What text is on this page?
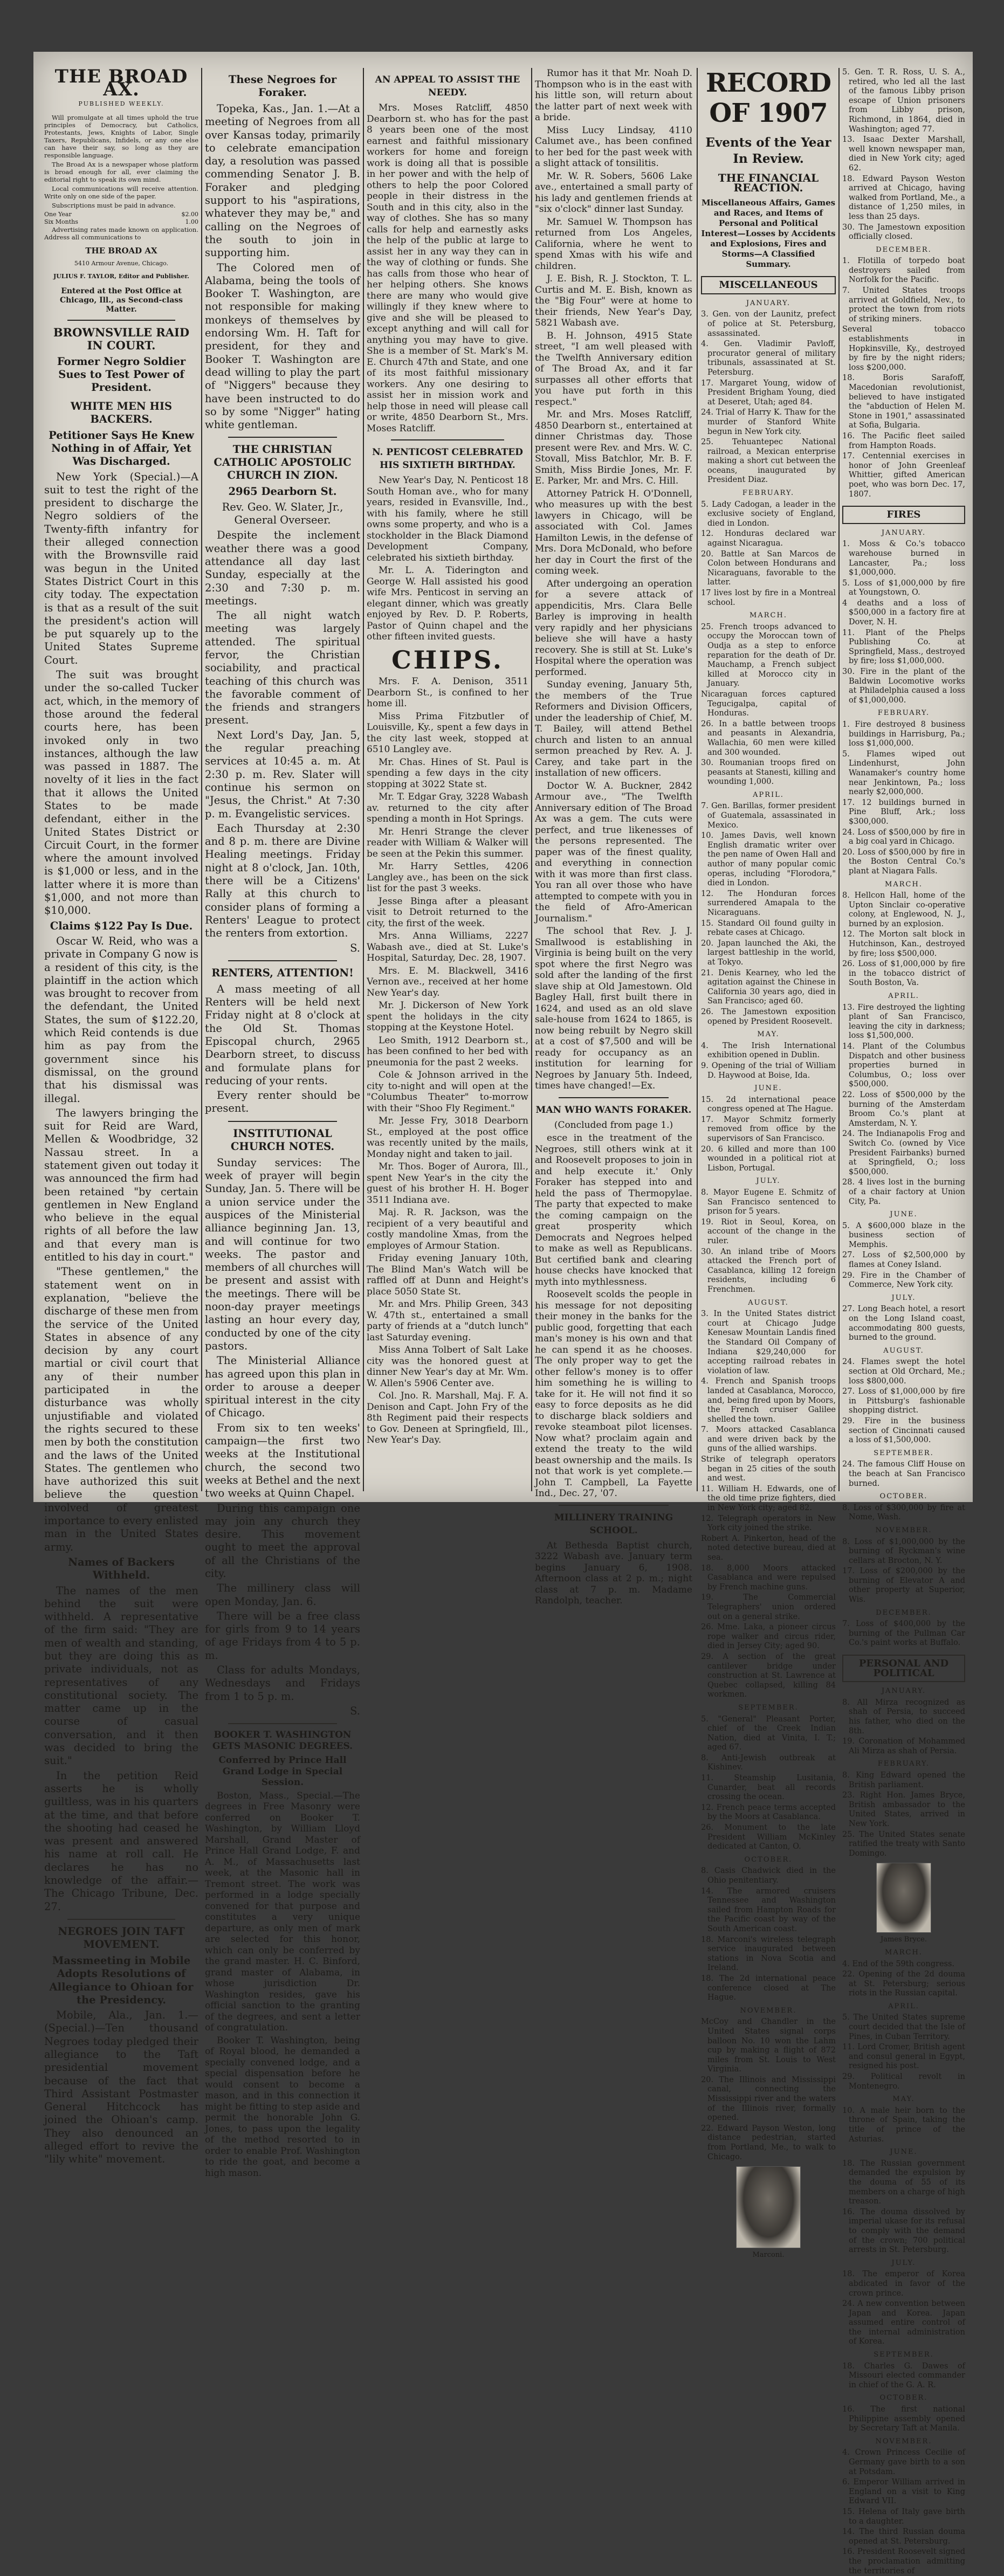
THE BROAD AX.
PUBLISHED WEEKLY.

Will promulgate at all times uphold the true principles of Democracy, but Catholics, Protestants, Jews, Knights of Labor, Single Taxers, Republicans, Infidels, or any one else can have their say, so long as they are responsible language.

The Broad Ax is a newspaper whose platform is broad enough for all, ever claiming the editorial right to speak its own mind.

Local communications will receive attention. Write only on one side of the paper.

Subscriptions must be paid in advance.

One Year	$2.00
Six Months	1.00

Advertising rates made known on application. Address all communications to

THE BROAD AX
5410 Armour Avenue, Chicago.
JULIUS F. TAYLOR, Editor and Publisher.
Entered at the Post Office at Chicago, Ill., as Second-class Matter.
BROWNSVILLE RAID IN COURT.
Former Negro Soldier Sues to Test Power of President.
WHITE MEN HIS BACKERS.
Petitioner Says He Knew Nothing in of Affair, Yet Was Discharged.

New York (Special.)—A suit to test the right of the president to discharge the Negro soldiers of the Twenty-fifth infantry for their alleged connection with the Brownsville raid was begun in the United States District Court in this city today. The expectation is that as a result of the suit the president's action will be put squarely up to the United States Supreme Court.

The suit was brought under the so-called Tucker act, which, in the memory of those around the federal courts here, has been invoked only in two instances, although the law was passed in 1887. The novelty of it lies in the fact that it allows the United States to be made defendant, either in the United States District or Circuit Court, in the former where the amount involved is $1,000 or less, and in the latter where it is more than $1,000, and not more than $10,000.

Claims $122 Pay Is Due.

Oscar W. Reid, who was a private in Company G now is a resident of this city, is the plaintiff in the action which was brought to recover from the defendant, the United States, the sum of $122.20, which Reid contends is due him as pay from the government since his dismissal, on the ground that his dismissal was illegal.

The lawyers bringing the suit for Reid are Ward, Mellen & Woodbridge, 32 Nassau street. In a statement given out today it was announced the firm had been retained "by certain gentlemen in New England who believe in the equal rights of all before the law and that every man is entitled to his day in court."

"These gentlemen," the statement went on in explanation, "believe the discharge of these men from the service of the United States in absence of any decision by any court martial or civil court that any of their number participated in the disturbance was wholly unjustifiable and violated the rights secured to these men by both the constitution and the laws of the United States. The gentlemen who have authorized this suit believe the question involved of greatest importance to every enlisted man in the United States army.

Names of Backers Withheld.

The names of the men behind the suit were withheld. A representative of the firm said: "They are men of wealth and standing, but they are doing this as private individuals, not as representatives of any constitutional society. The matter came up in the course of casual conversation, and it then was decided to bring the suit."

In the petition Reid asserts he is wholly guiltless, was in his quarters at the time, and that before the shooting had ceased he was present and answered his name at roll call. He declares he has no knowledge of the affair.—The Chicago Tribune, Dec. 27.

NEGROES JOIN TAFT MOVEMENT.
Massmeeting in Mobile Adopts Resolutions of Allegiance to Ohioan for the Presidency.

Mobile, Ala., Jan. 1.—(Special.)—Ten thousand Negroes today pledged their allegiance to the Taft presidential movement because of the fact that Third Assistant Postmaster General Hitchcock has joined the Ohioan's camp. They also denounced an alleged effort to revive the "lily white" movement.

These Negroes for Foraker.

Topeka, Kas., Jan. 1.—At a meeting of Negroes from all over Kansas today, primarily to celebrate emancipation day, a resolution was passed commending Senator J. B. Foraker and pledging support to his "aspirations, whatever they may be," and calling on the Negroes of the south to join in supporting him.

The Colored men of Alabama, being the tools of Booker T. Washington, are not responsible for making monkeys of themselves by endorsing Wm. H. Taft for president, for they and Booker T. Washington are dead willing to play the part of "Niggers" because they have been instructed to do so by some "Nigger" hating white gentleman.

THE CHRISTIAN CATHOLIC APOSTOLIC CHURCH IN ZION.
2965 Dearborn St.
Rev. Geo. W. Slater, Jr., General Overseer.

Despite the inclement weather there was a good attendance all day last Sunday, especially at the 2:30 and 7:30 p. m. meetings.

The all night watch meeting was largely attended. The spiritual fervor, the Christian sociability, and practical teaching of this church was the favorable comment of the friends and strangers present.

Next Lord's Day, Jan. 5, the regular preaching services at 10:45 a. m. At 2:30 p. m. Rev. Slater will continue his sermon on "Jesus, the Christ." At 7:30 p. m. Evangelistic services.

Each Thursday at 2:30 and 8 p. m. there are Divine Healing meetings. Friday night at 8 o'clock, Jan. 10th, there will be a Citizens' Rally at this church to consider plans of forming a Renters' League to protect the renters from extortion.

S.

RENTERS, ATTENTION!

A mass meeting of all Renters will be held next Friday night at 8 o'clock at the Old St. Thomas Episcopal church, 2965 Dearborn street, to discuss and formulate plans for reducing of your rents.

Every renter should be present.

INSTITUTIONAL CHURCH NOTES.

Sunday services: The week of prayer will begin Sunday, Jan. 5. There will be a union service under the auspices of the Ministerial alliance beginning Jan. 13, and will continue for two weeks. The pastor and members of all churches will be present and assist with the meetings. There will be noon-day prayer meetings lasting an hour every day, conducted by one of the city pastors.

The Ministerial Alliance has agreed upon this plan in order to arouse a deeper spiritual interest in the city of Chicago.

From six to ten weeks' campaign—the first two weeks at the Institutional church, the second two weeks at Bethel and the next two weeks at Quinn Chapel.

During this campaign one may join any church they desire. This movement ought to meet the approval of all the Christians of the city.

The millinery class will open Monday, Jan. 6.

There will be a free class for girls from 9 to 14 years of age Fridays from 4 to 5 p. m.

Class for adults Mondays, Wednesdays and Fridays from 1 to 5 p. m.

S.

BOOKER T. WASHINGTON GETS MASONIC DEGREES.
Conferred by Prince Hall Grand Lodge in Special Session.

Boston, Mass., Special.—The degrees in Free Masonry were conferred on Booker T. Washington, by William Lloyd Marshall, Grand Master of Prince Hall Grand Lodge, F. and A. M., of Massachusetts last week, at the Masonic hall in Tremont street. The work was performed in a lodge specially convened for that purpose and constitutes a very unique departure, as only men of mark are selected for this honor, which can only be conferred by the grand master. H. C. Binford, grand master of Alabama, in whose jurisdiction Dr. Washington resides, gave his official sanction to the granting of the degrees, and sent a letter of congratulation.

Booker T. Washington, being of Royal blood, he demanded a specially convened lodge, and a special dispensation before he would consent to become a mason, and in this connection it might be fitting to step aside and permit the honorable John G. Jones, to pass upon the legality of the method resorted to in order to enable Prof. Washington to ride the goat, and become a high mason.

AN APPEAL TO ASSIST THE NEEDY.

Mrs. Moses Ratcliff, 4850 Dearborn st. who has for the past 8 years been one of the most earnest and faithful missionary workers for home and foreign work is doing all that is possible in her power and with the help of others to help the poor Colored people in their distress in the South and in this city, also in the way of clothes. She has so many calls for help and earnestly asks the help of the public at large to assist her in any way they can in the way of clothing or funds. She has calls from those who hear of her helping others. She knows there are many who would give willingly if they knew where to give and she will be pleased to except anything and will call for anything you may have to give. She is a member of St. Mark's M. E. Church 47th and State, and one of its most faithful missionary workers. Any one desiring to assist her in mission work and help those in need will please call or write, 4850 Dearborn St., Mrs. Moses Ratcliff.

N. PENTICOST CELEBRATED HIS SIXTIETH BIRTHDAY.

New Year's Day, N. Penticost 18 South Homan ave., who for many years, resided in Evansville, Ind., with his family, where he still owns some property, and who is a stockholder in the Black Diamond Development Company, celebrated his sixtieth birthday.

Mr. L. A. Tiderington and George W. Hall assisted his good wife Mrs. Penticost in serving an elegant dinner, which was greatly enjoyed by Rev. D. P. Roberts, Pastor of Quinn chapel and the other fifteen invited guests.

CHIPS.

Mrs. F. A. Denison, 3511 Dearborn St., is confined to her home ill.

Miss Prima Fitzbutler of Louisville, Ky., spent a few days in the city last week, stopped at 6510 Langley ave.

Mr. Chas. Hines of St. Paul is spending a few days in the city stopping at 3022 State st.

Mr. T. Edgar Gray, 3228 Wabash av. returned to the city after spending a month in Hot Springs.

Mr. Henri Strange the clever reader with William & Walker will be seen at the Pekin this summer.

Mr. Harry Settles, 4206 Langley ave., has been on the sick list for the past 3 weeks.

Jesse Binga after a pleasant visit to Detroit returned to the city, the first of the week.

Mrs. Anna Williams, 2227 Wabash ave., died at St. Luke's Hospital, Saturday, Dec. 28, 1907.

Mrs. E. M. Blackwell, 3416 Vernon ave., received at her home New Year's day.

Mr. J. Dickerson of New York spent the holidays in the city stopping at the Keystone Hotel.

Leo Smith, 1912 Dearborn st., has been confined to her bed with pneumonia for the past 2 weeks.

Cole & Johnson arrived in the city to-night and will open at the "Columbus Theater" to-morrow with their "Shoo Fly Regiment."

Mr. Jesse Fry, 3018 Dearborn St., employed at the post office was recently united by the mails, Monday night and taken to jail.

Mr. Thos. Boger of Aurora, Ill., spent New Year's in the city the guest of his brother H. H. Boger 3511 Indiana ave.

Maj. R. R. Jackson, was the recipient of a very beautiful and costly mandoline Xmas, from the employes of Armour Station.

Friday evening January 10th, The Blind Man's Watch will be raffled off at Dunn and Height's place 5050 State St.

Mr. and Mrs. Philip Green, 343 W. 47th st., entertained a small party of friends at a "dutch lunch" last Saturday evening.

Miss Anna Tolbert of Salt Lake city was the honored guest at dinner New Year's day at Mr. Wm. W. Allen's 5906 Center ave.

Col. Jno. R. Marshall, Maj. F. A. Denison and Capt. John Fry of the 8th Regiment paid their respects to Gov. Deneen at Springfield, Ill., New Year's Day.

Rumor has it that Mr. Noah D. Thompson who is in the east with his little son, will return about the latter part of next week with a bride.

Miss Lucy Lindsay, 4110 Calumet ave., has been confined to her bed for the past week with a slight attack of tonsilitis.

Mr. W. R. Sobers, 5606 Lake ave., entertained a small party of his lady and gentlemen friends at "six o'clock" dinner last Sunday.

Mr. Samuel W. Thompson has returned from Los Angeles, California, where he went to spend Xmas with his wife and children.

J. E. Bish, R. J. Stockton, T. L. Curtis and M. E. Bish, known as the "Big Four" were at home to their friends, New Year's Day, 5821 Wabash ave.

B. H. Johnson, 4915 State street, "I am well pleased with the Twelfth Anniversary edition of The Broad Ax, and it far surpasses all other efforts that you have put forth in this respect."

Mr. and Mrs. Moses Ratcliff, 4850 Dearborn st., entertained at dinner Christmas day. Those present were Rev. and Mrs. W. C. Stovall, Miss Batchlor, Mr. B. F. Smith, Miss Birdie Jones, Mr. F. E. Parker, Mr. and Mrs. C. Hill.

Attorney Patrick H. O'Donnell, who measures up with the best lawyers in Chicago, will be associated with Col. James Hamilton Lewis, in the defense of Mrs. Dora McDonald, who before her day in Court the first of the coming week.

After undergoing an operation for a severe attack of appendicitis, Mrs. Clara Belle Barley is improving in health very rapidly and her physicians believe she will have a hasty recovery. She is still at St. Luke's Hospital where the operation was performed.

Sunday evening, January 5th, the members of the True Reformers and Division Officers, under the leadership of Chief, M. T. Bailey, will attend Bethel church and listen to an annual sermon preached by Rev. A. J. Carey, and take part in the installation of new officers.

Doctor W. A. Buckner, 2842 Armour ave., "The Twelfth Anniversary edition of The Broad Ax was a gem. The cuts were perfect, and true likenesses of the persons represented. The paper was of the finest quality, and everything in connection with it was more than first class. You ran all over those who have attempted to compete with you in the field of Afro-American Journalism."

The school that Rev. J. J. Smallwood is establishing in Virginia is being built on the very spot where the first Negro was sold after the landing of the first slave ship at Old Jamestown. Old Bagley Hall, first built there in 1624, and used as an old slave sale-house from 1624 to 1865, is now being rebuilt by Negro skill at a cost of $7,500 and will be ready for occupancy as an institution for learning for Negroes by January 5th. Indeed, times have changed!—Ex.

MAN WHO WANTS FORAKER.
(Concluded from page 1.)

esce in the treatment of the Negroes, still others wink at it and Roosevelt proposes to join in and help execute it.' Only Foraker has stepped into and held the pass of Thermopylae. The party that expected to make the coming campaign on the great prosperity which Democrats and Negroes helped to make as well as Republicans. But certified bank and clearing house checks have knocked that myth into mythlessness.

Roosevelt scolds the people in his message for not depositing their money in the banks for the public good, forgetting that each man's money is his own and that he can spend it as he chooses. The only proper way to get the other fellow's money is to offer him something he is willing to take for it. He will not find it so easy to force deposits as he did to discharge black soldiers and revoke steamboat pilot licenses. Now what? proclaim again and extend the treaty to the wild beast ownership and the mails. Is not that work is yet complete.—John T. Campbell, La Fayette Ind., Dec. 27, '07.

MILLINERY TRAINING SCHOOL.

At Bethesda Baptist church, 3222 Wabash ave. January term begins January 6, 1908. Afternoon class at 2 p. m.; night class at 7 p. m. Madame Randolph, teacher.

RECORD OF 1907
Events of the Year In Review.
THE FINANCIAL REACTION.
Miscellaneous Affairs, Games and Races, and Items of Personal and Political Interest—Losses by Accidents and Explosions, Fires and Storms—A Classified Summary.
MISCELLANEOUS
JANUARY.

3. Gen. von der Launitz, prefect of police at St. Petersburg, assassinated.

4. Gen. Vladimir Pavloff, procurator general of military tribunals, assassinated at St. Petersburg.

17. Margaret Young, widow of President Brigham Young, died at Deseret, Utah; aged 84.

24. Trial of Harry K. Thaw for the murder of Stanford White begun in New York city.

25. Tehuantepec National railroad, a Mexican enterprise making a short cut between the oceans, inaugurated by President Diaz.

FEBRUARY.

5. Lady Cadogan, a leader in the exclusive society of England, died in London.

12. Honduras declared war against Nicaragua.

20. Battle at San Marcos de Colon between Hondurans and Nicaraguans, favorable to the latter.

17 lives lost by fire in a Montreal school.

MARCH.

25. French troops advanced to occupy the Moroccan town of Oudja as a step to enforce reparation for the death of Dr. Mauchamp, a French subject killed at Morocco city in January.

Nicaraguan forces captured Tegucigalpa, capital of Honduras.

26. In a battle between troops and peasants in Alexandria, Wallachia, 60 men were killed and 300 wounded.

30. Roumanian troops fired on peasants at Stanesti, killing and wounding 1,000.

APRIL.

7. Gen. Barillas, former president of Guatemala, assassinated in Mexico.

10. James Davis, well known English dramatic writer over the pen name of Owen Hall and author of many popular comic operas, including "Florodora," died in London.

12. The Honduran forces surrendered Amapala to the Nicaraguans.

15. Standard Oil found guilty in rebate cases at Chicago.

20. Japan launched the Aki, the largest battleship in the world, at Tokyo.

21. Denis Kearney, who led the agitation against the Chinese in California 30 years ago, died in San Francisco; aged 60.

26. The Jamestown exposition opened by President Roosevelt.

MAY.

4. The Irish International exhibition opened in Dublin.

9. Opening of the trial of William D. Haywood at Boise, Ida.

JUNE.

15. 2d international peace congress opened at The Hague.

17. Mayor Schmitz formerly removed from office by the supervisors of San Francisco.

20. 6 killed and more than 100 wounded in a political riot at Lisbon, Portugal.

JULY.

8. Mayor Eugene E. Schmitz of San Francisco sentenced to prison for 5 years.

19. Riot in Seoul, Korea, on account of the change in the ruler.

30. An inland tribe of Moors attacked the French port of Casablanca, killing 12 foreign residents, including 6 Frenchmen.

AUGUST.

3. In the United States district court at Chicago Judge Kenesaw Mountain Landis fined the Standard Oil Company of Indiana $29,240,000 for accepting railroad rebates in violation of law.

4. French and Spanish troops landed at Casablanca, Morocco, and, being fired upon by Moors, the French cruiser Galilee shelled the town.

7. Moors attacked Casablanca and were driven back by the guns of the allied warships.

Strike of telegraph operators began in 25 cities of the south and west.

11. William H. Edwards, one of the old time prize fighters, died in New York city; aged 82.

12. Telegraph operators in New York city joined the strike.

Robert A. Pinkerton, head of the noted detective bureau, died at sea.

18. 8,000 Moors attacked Casablanca and were repulsed by French machine guns.

19. The Commercial Telegraphers' union ordered out on a general strike.

26. Mme. Laka, a pioneer circus rope walker and circus rider, died in Jersey City; aged 90.

29. A section of the great cantilever bridge under construction at St. Lawrence at Quebec collapsed, killing 84 workmen.

SEPTEMBER.

5. "General" Pleasant Porter, chief of the Creek Indian Nation, died at Vinita, I. T.; aged 67.

8. Anti-Jewish outbreak at Kishinev.

11. Steamship Lusitania, Cunarder, beat all records crossing the ocean.

12. French peace terms accepted by the Moors at Casablanca.

26. Monument to the late President William McKinley dedicated at Canton, O.

OCTOBER.

8. Casis Chadwick died in the Ohio penitentiary.

14. The armored cruisers Tennessee and Washington sailed from Hampton Roads for the Pacific coast by way of the South American coast.

18. Marconi's wireless telegraph service inaugurated between stations in Nova Scotia and Ireland.

18. The 2d international peace conference closed at The Hague.

NOVEMBER.

McCoy and Chandler in the United States signal corps balloon No. 10 won the Lahm cup by making a flight of 872 miles from St. Louis to West Virginia.

20. The Illinois and Mississippi canal, connecting the Mississippi river and the waters of the Illinois river, formally opened.

22. Edward Payson Weston, long distance pedestrian, started from Portland, Me., to walk to Chicago.

Marconi.

5. Gen. T. R. Ross, U. S. A., retired, who led all the last of the famous Libby prison escape of Union prisoners from Libby prison, Richmond, in 1864, died in Washington; aged 77.

13. Isaac Dexter Marshall, well known newspaper man, died in New York city; aged 62.

18. Edward Payson Weston arrived at Chicago, having walked from Portland, Me., a distance of 1,250 miles, in less than 25 days.

30. The Jamestown exposition officially closed.

DECEMBER.

1. Flotilla of torpedo boat destroyers sailed from Norfolk for the Pacific.

7. United States troops arrived at Goldfield, Nev., to protect the town from riots of striking miners.

Several tobacco establishments in Hopkinsville, Ky., destroyed by fire by the night riders; loss $200,000.

18. Boris Sarafoff, Macedonian revolutionist, believed to have instigated the "abduction of Helen M. Stone in 1901," assassinated at Sofia, Bulgaria.

16. The Pacific fleet sailed from Hampton Roads.

17. Centennial exercises in honor of John Greenleaf Whittier, gifted American poet, who was born Dec. 17, 1807.

FIRES
JANUARY.

1. Moss & Co.'s tobacco warehouse burned in Lancaster, Pa.; loss $1,000,000.

5. Loss of $1,000,000 by fire at Youngstown, O.

4 deaths and a loss of $500,000 in a factory fire at Dover, N. H.

11. Plant of the Phelps Publishing Co. at Springfield, Mass., destroyed by fire; loss $1,000,000.

30. Fire in the plant of the Baldwin Locomotive works at Philadelphia caused a loss of $1,000,000.

FEBRUARY.

1. Fire destroyed 8 business buildings in Harrisburg, Pa.; loss $1,000,000.

5. Flames wiped out Lindenhurst, John Wanamaker's country home near Jenkintown, Pa.; loss nearly $2,000,000.

17. 12 buildings burned in Pine Bluff, Ark.; loss $300,000.

24. Loss of $500,000 by fire in a big coal yard in Chicago.

20. Loss of $500,000 by fire in the Boston Central Co.'s plant at Niagara Falls.

MARCH.

8. Hellcon Hall, home of the Upton Sinclair co-operative colony, at Englewood, N. J., burned by an explosion.

12. The Morton salt block in Hutchinson, Kan., destroyed by fire; loss $500,000.

26. Loss of $1,000,000 by fire in the tobacco district of South Boston, Va.

APRIL.

13. Fire destroyed the lighting plant of San Francisco, leaving the city in darkness; loss $1,500,000.

14. Plant of the Columbus Dispatch and other business properties burned in Columbus, O.; loss over $500,000.

22. Loss of $500,000 by the burning of the Amsterdam Broom Co.'s plant at Amsterdam, N. Y.

24. The Indianapolis Frog and Switch Co. (owned by Vice President Fairbanks) burned at Springfield, O.; loss $500,000.

28. 4 lives lost in the burning of a chair factory at Union City, Pa.

JUNE.

5. A $600,000 blaze in the business section of Memphis.

27. Loss of $2,500,000 by flames at Coney Island.

29. Fire in the Chamber of Commerce, New York city.

JULY.

27. Long Beach hotel, a resort on the Long Island coast, accommodating 800 guests, burned to the ground.

AUGUST.

24. Flames swept the hotel section at Old Orchard, Me.; loss $800,000.

27. Loss of $1,000,000 by fire in Pittsburg's fashionable shopping district.

29. Fire in the business section of Cincinnati caused a loss of $1,500,000.

SEPTEMBER.

24. The famous Cliff House on the beach at San Francisco burned.

OCTOBER.

8. Loss of $300,000 by fire at Nome, Wash.

NOVEMBER.

8. Loss of $1,000,000 by the burning of Ryckman's wine cellars at Brocton, N. Y.

17. Loss of $200,000 by the burning of Elevator A and other property at Superior, Wis.

DECEMBER.

7. Loss of $400,000 by the burning of the Pullman Car Co.'s paint works at Buffalo.

PERSONAL AND POLITICAL
JANUARY.

8. All Mirza recognized as shah of Persia, to succeed his father, who died on the 8th.

19. Coronation of Mohammed Ali Mirza as shah of Persia.

FEBRUARY.

8. King Edward opened the British parliament.

23. Right Hon. James Bryce, British ambassador to the United States, arrived in New York.

25. The United States senate ratified the treaty with Santo Domingo.

James Bryce.
MARCH.

4. End of the 59th congress.

22. Opening of the 2d douma at St. Petersburg; serious riots in the Russian capital.

APRIL.

5. The United States supreme court decided that the Isle of Pines, in Cuban Territory.

11. Lord Cromer, British agent and consul general in Egypt, resigned his post.

29. Political revolt in Montenegro.

MAY.

10. A male heir born to the throne of Spain, taking the title of prince of the Asturias.

JUNE.

18. The Russian government demanded the expulsion by the douma of 55 of its members on a charge of high treason.

16. The douma dissolved by imperial ukase for its refusal to comply with the demand of the crown; 700 political arrests in St. Petersburg.

JULY.

18. The emperor of Korea abdicated in favor of the crown prince.

24. A new convention between Japan and Korea. Japan assumed entire control of the internal administration of Korea.

SEPTEMBER.

18. Charles G. Dawes of Missouri elected commander in chief of the G. A. R.

OCTOBER.

16. The first national Philippine assembly opened by Secretary Taft at Manila.

NOVEMBER.

4. Crown Princess Cecilie of Germany gave birth to a son at Potsdam.

6. Emperor William arrived in England on a visit to King Edward VII.

15. Helena of Italy gave birth to a daughter.

14. The third Russian douma opened at St. Petersburg.

16. President Roosevelt signed the proclamation admitting the territories of
